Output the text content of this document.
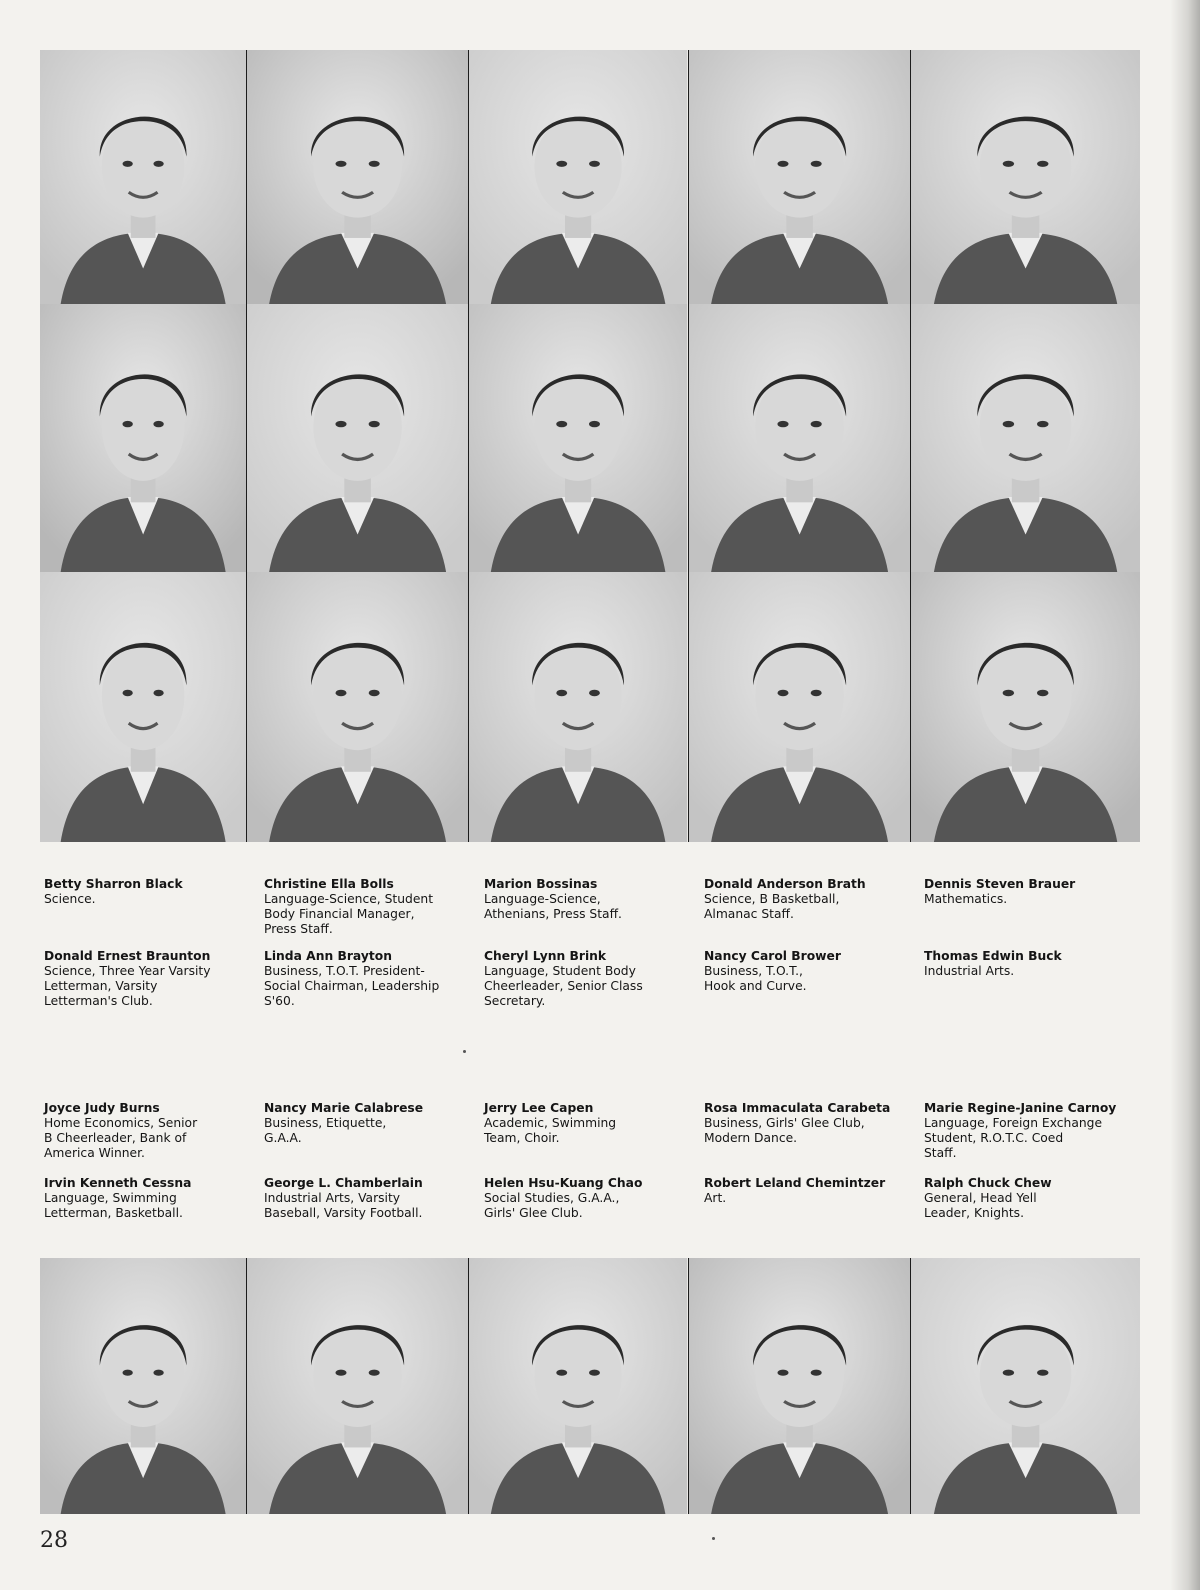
Betty Sharron Black
Science.
Christine Ella Bolls
Language-Science, Student
Body Financial Manager,
Press Staff.
Marion Bossinas
Language-Science,
Athenians, Press Staff.
Donald Anderson Brath
Science, B Basketball,
Almanac Staff.
Dennis Steven Brauer
Mathematics.
Donald Ernest Braunton
Science, Three Year Varsity
Letterman, Varsity
Letterman's Club.
Linda Ann Brayton
Business, T.O.T. President-
Social Chairman, Leadership
S'60.
Cheryl Lynn Brink
Language, Student Body
Cheerleader, Senior Class
Secretary.
Nancy Carol Brower
Business, T.O.T.,
Hook and Curve.
Thomas Edwin Buck
Industrial Arts.
Joyce Judy Burns
Home Economics, Senior
B Cheerleader, Bank of
America Winner.
Nancy Marie Calabrese
Business, Etiquette,
G.A.A.
Jerry Lee Capen
Academic, Swimming
Team, Choir.
Rosa Immaculata Carabeta
Business, Girls' Glee Club,
Modern Dance.
Marie Regine-Janine Carnoy
Language, Foreign Exchange
Student, R.O.T.C. Coed
Staff.
Irvin Kenneth Cessna
Language, Swimming
Letterman, Basketball.
George L. Chamberlain
Industrial Arts, Varsity
Baseball, Varsity Football.
Helen Hsu-Kuang Chao
Social Studies, G.A.A.,
Girls' Glee Club.
Robert Leland Chemintzer
Art.
Ralph Chuck Chew
General, Head Yell
Leader, Knights.
28
